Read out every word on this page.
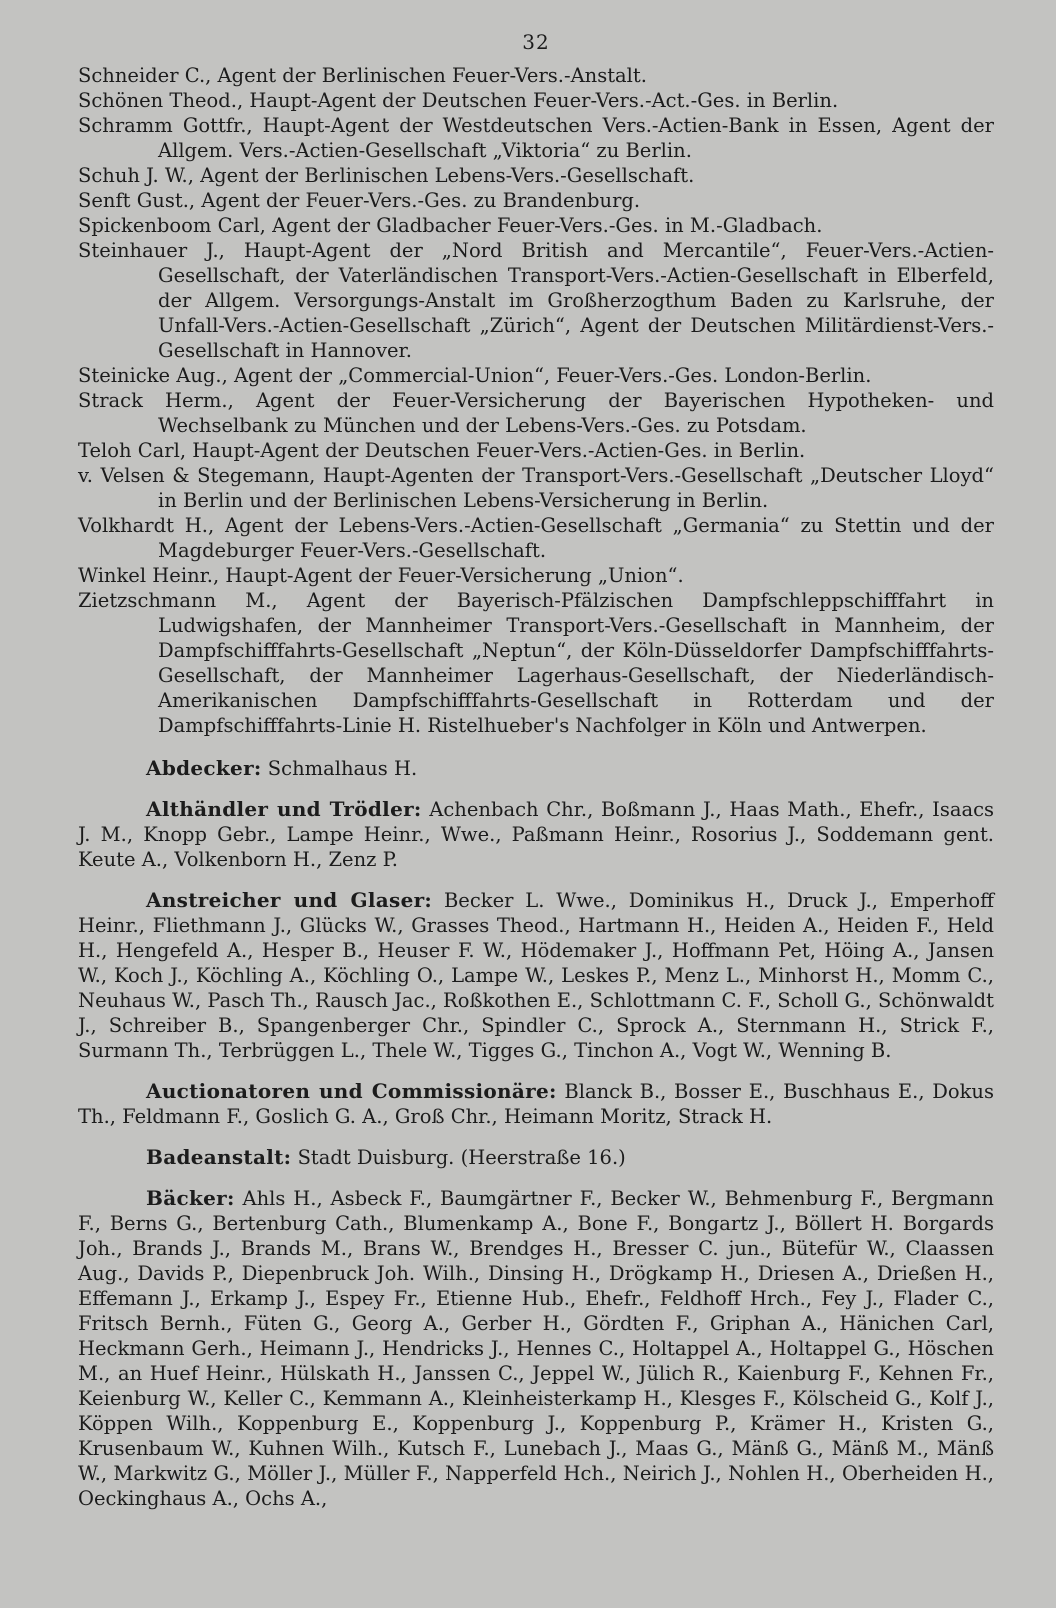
32

Schneider C., Agent der Berlinischen Feuer-Vers.-Anstalt.

Schönen Theod., Haupt-Agent der Deutschen Feuer-Vers.-Act.-Ges. in Berlin.

Schramm Gottfr., Haupt-Agent der Westdeutschen Vers.-Actien-Bank in Essen, Agent der Allgem. Vers.-Actien-Gesellschaft „Viktoria“ zu Berlin.

Schuh J. W., Agent der Berlinischen Lebens-Vers.-Gesellschaft.

Senft Gust., Agent der Feuer-Vers.-Ges. zu Brandenburg.

Spickenboom Carl, Agent der Gladbacher Feuer-Vers.-Ges. in M.-Gladbach.

Steinhauer J., Haupt-Agent der „Nord British and Mercantile“, Feuer-Vers.-Actien-Gesellschaft, der Vaterländischen Transport-Vers.-Actien-Gesellschaft in Elberfeld, der Allgem. Versorgungs-Anstalt im Großherzogthum Baden zu Karlsruhe, der Unfall-Vers.-Actien-Gesellschaft „Zürich“, Agent der Deutschen Militärdienst-Vers.-Gesellschaft in Hannover.

Steinicke Aug., Agent der „Commercial-Union“, Feuer-Vers.-Ges. London-Berlin.

Strack Herm., Agent der Feuer-Versicherung der Bayerischen Hypotheken- und Wechselbank zu München und der Lebens-Vers.-Ges. zu Potsdam.

Teloh Carl, Haupt-Agent der Deutschen Feuer-Vers.-Actien-Ges. in Berlin.

v. Velsen & Stegemann, Haupt-Agenten der Transport-Vers.-Gesellschaft „Deutscher Lloyd“ in Berlin und der Berlinischen Lebens-Versicherung in Berlin.

Volkhardt H., Agent der Lebens-Vers.-Actien-Gesellschaft „Germania“ zu Stettin und der Magdeburger Feuer-Vers.-Gesellschaft.

Winkel Heinr., Haupt-Agent der Feuer-Versicherung „Union“.

Zietzschmann M., Agent der Bayerisch-Pfälzischen Dampfschleppschifffahrt in Ludwigshafen, der Mannheimer Transport-Vers.-Gesellschaft in Mannheim, der Dampfschifffahrts-Gesellschaft „Neptun“, der Köln-Düsseldorfer Dampfschifffahrts-Gesellschaft, der Mannheimer Lagerhaus-Gesellschaft, der Niederländisch-Amerikanischen Dampfschifffahrts-Gesellschaft in Rotterdam und der Dampfschifffahrts-Linie H. Ristelhueber's Nachfolger in Köln und Antwerpen.

Abdecker: Schmalhaus H.

Althändler und Trödler: Achenbach Chr., Boßmann J., Haas Math., Ehefr., Isaacs J. M., Knopp Gebr., Lampe Heinr., Wwe., Paßmann Heinr., Rosorius J., Soddemann gent. Keute A., Volkenborn H., Zenz P.

Anstreicher und Glaser: Becker L. Wwe., Dominikus H., Druck J., Emperhoff Heinr., Fliethmann J., Glücks W., Grasses Theod., Hartmann H., Heiden A., Heiden F., Held H., Hengefeld A., Hesper B., Heuser F. W., Hödemaker J., Hoffmann Pet, Höing A., Jansen W., Koch J., Köchling A., Köchling O., Lampe W., Leskes P., Menz L., Minhorst H., Momm C., Neuhaus W., Pasch Th., Rausch Jac., Roßkothen E., Schlottmann C. F., Scholl G., Schönwaldt J., Schreiber B., Spangenberger Chr., Spindler C., Sprock A., Sternmann H., Strick F., Surmann Th., Terbrüggen L., Thele W., Tigges G., Tinchon A., Vogt W., Wenning B.

Auctionatoren und Commissionäre: Blanck B., Bosser E., Buschhaus E., Dokus Th., Feldmann F., Goslich G. A., Groß Chr., Heimann Moritz, Strack H.

Badeanstalt: Stadt Duisburg. (Heerstraße 16.)

Bäcker: Ahls H., Asbeck F., Baumgärtner F., Becker W., Behmenburg F., Bergmann F., Berns G., Bertenburg Cath., Blumenkamp A., Bone F., Bongartz J., Böllert H. Borgards Joh., Brands J., Brands M., Brans W., Brendges H., Bresser C. jun., Bütefür W., Claassen Aug., Davids P., Diepenbruck Joh. Wilh., Dinsing H., Drögkamp H., Driesen A., Drießen H., Effemann J., Erkamp J., Espey Fr., Etienne Hub., Ehefr., Feldhoff Hrch., Fey J., Flader C., Fritsch Bernh., Füten G., Georg A., Gerber H., Gördten F., Griphan A., Hänichen Carl, Heckmann Gerh., Heimann J., Hendricks J., Hennes C., Holtappel A., Holtappel G., Höschen M., an Huef Heinr., Hülskath H., Janssen C., Jeppel W., Jülich R., Kaienburg F., Kehnen Fr., Keienburg W., Keller C., Kemmann A., Kleinheisterkamp H., Klesges F., Kölscheid G., Kolf J., Köppen Wilh., Koppenburg E., Koppenburg J., Koppenburg P., Krämer H., Kristen G., Krusenbaum W., Kuhnen Wilh., Kutsch F., Lunebach J., Maas G., Mänß G., Mänß M., Mänß W., Markwitz G., Möller J., Müller F., Napperfeld Hch., Neirich J., Nohlen H., Oberheiden H., Oeckinghaus A., Ochs A.,
